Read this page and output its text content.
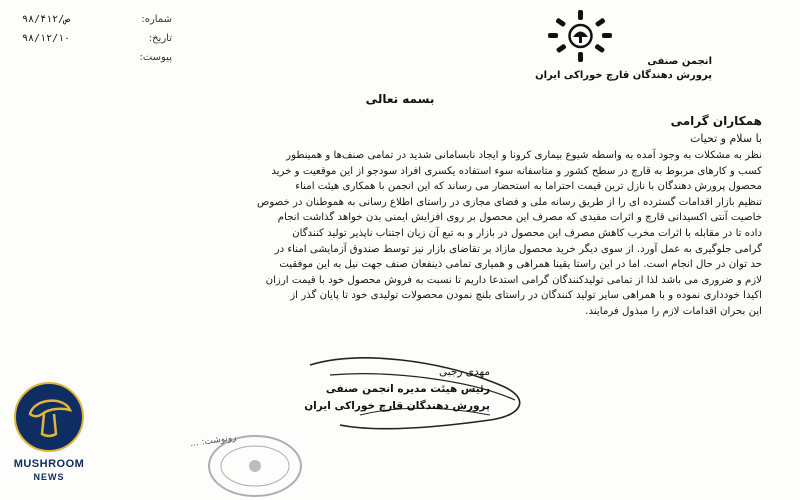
شماره:
۹۸/ص/۴۱۲
تاریخ:
۹۸/۱۲/۱۰
پیوست:	انجمن صنفی
پرورش دهندگان قارچ خوراکی ایران
بسمه تعالی
همکاران گرامی
با سلام و تحیات
نظر به مشکلات به وجود آمده به واسطه شیوع بیماری کرونا و ایجاد نابسامانی شدید در تمامی صنف‌ها و همینطور
کسب و کارهای مربوط به قارچ در سطح کشور و متاسفانه سوء استفاده یکسری افراد سودجو از این موقعیت و خرید
محصول پرورش دهندگان با نازل ترین قیمت احتراما به استحضار می رساند که این انجمن با همکاری هیئت امناء
تنظیم بازار اقدامات گسترده ای را از طریق رسانه ملی و فضای مجازی در راستای اطلاع رسانی به هموطنان در خصوص
خاصیت آنتی اکسیدانی قارچ و اثرات مفیدی که مصرف این محصول بر روی افزایش ایمنی بدن خواهد گذاشت انجام
داده تا در مقابله با اثرات مخرب کاهش مصرف این محصول در بازار و به تبع آن زیان اجتناب ناپذیر تولید کنندگان
گرامی جلوگیری به عمل آورد. از سوی دیگر خرید محصول مازاد بر تقاضای بازار نیز توسط صندوق آزمایشی امناء در
حد توان در حال انجام است. اما در این راستا یقینا همراهی و همیاری تمامی ذینفعان صنف جهت نیل به این موفقیت
لازم و ضروری می باشد لذا از تمامی تولیدکنندگان گرامی استدعا داریم تا نسبت به فروش محصول خود با قیمت ارزان
اکیدا خودداری نموده و با همراهی سایر تولید کنندگان در راستای بلنچ نمودن محصولات تولیدی خود تا پایان گذر از
این بحران اقدامات لازم را مبذول فرمایند.
مهدی رجبی
رئیس هیئت مدیره انجمن صنفی
پرورش دهندگان قارچ خوراکی ایران
رونوشت: ...
MUSHROOM
NEWS
